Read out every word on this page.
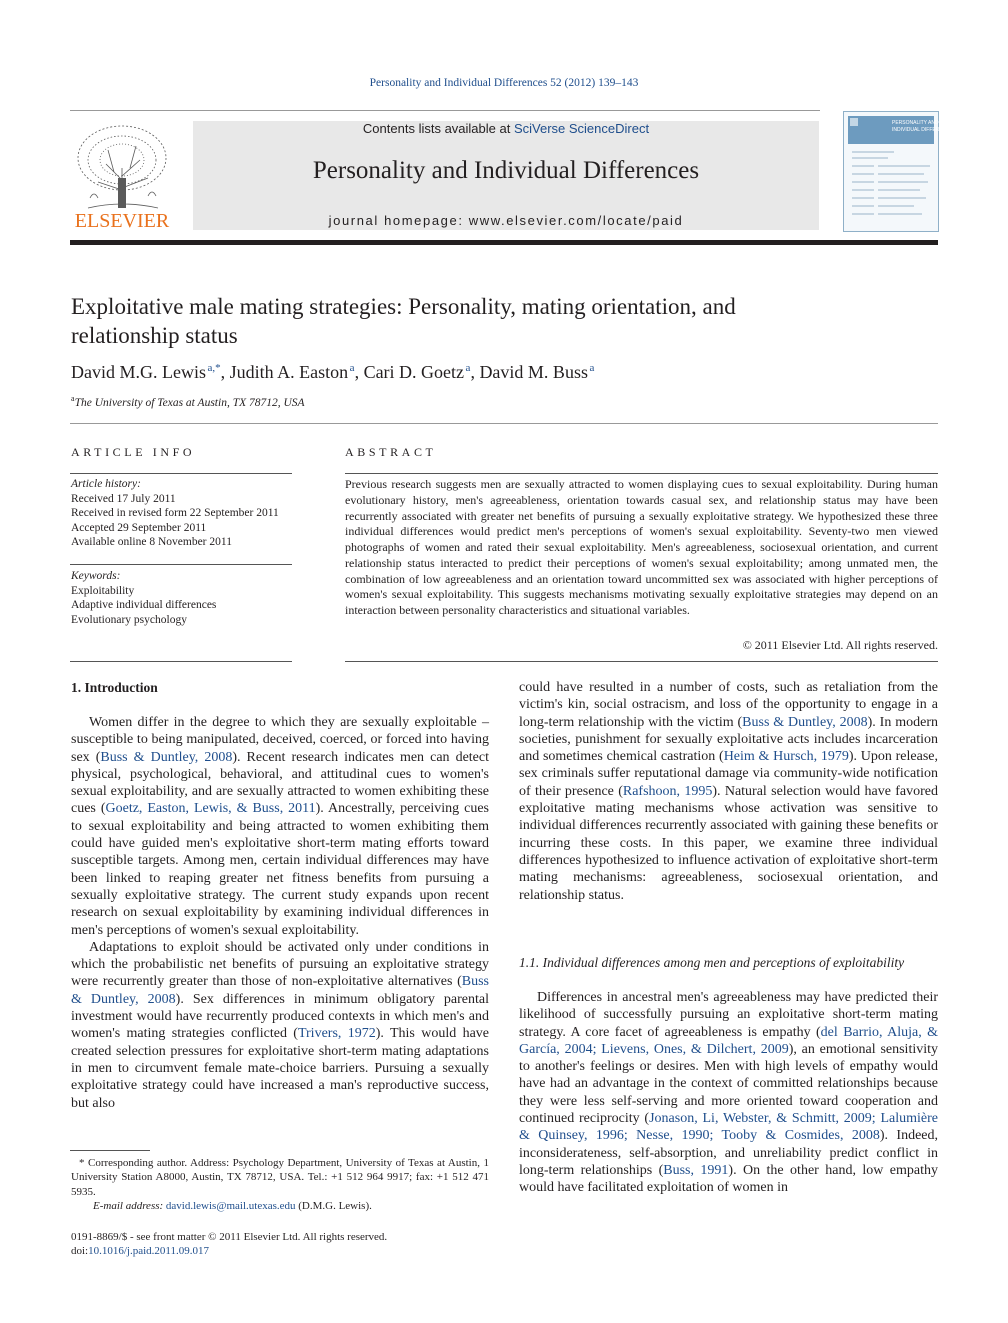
Personality and Individual Differences 52 (2012) 139–143
ELSEVIER
Contents lists available at SciVerse ScienceDirect
Personality and Individual Differences
journal homepage: www.elsevier.com/locate/paid
PERSONALITY AND
INDIVIDUAL DIFFERENCES
Exploitative male mating strategies: Personality, mating orientation, and relationship status
David M.G. Lewis  $^{a,*}$, Judith A. Easton  $^a$, Cari D. Goetz  $^a$, David M. Buss  $^a$
$^a$The University of Texas at Austin, TX 78712, USA
ARTICLE INFO	ABSTRACT
Article history:
Received 17 July 2011
Received in revised form 22 September 2011
Accepted 29 September 2011
Available online 8 November 2011
Keywords:
Exploitability
Adaptive individual differences
Evolutionary psychology
Previous research suggests men are sexually attracted to women displaying cues to sexual exploitability. During human evolutionary history, men's agreeableness, orientation towards casual sex, and relationship status may have been recurrently associated with greater net benefits of pursuing a sexually exploitative strategy. We hypothesized these three individual differences would predict men's perceptions of women's sexual exploitability. Seventy-two men viewed photographs of women and rated their sexual exploitability. Men's agreeableness, sociosexual orientation, and current relationship status interacted to predict their perceptions of women's sexual exploitability; among unmated men, the combination of low agreeableness and an orientation toward uncommitted sex was associated with higher perceptions of women's sexual exploitability. This suggests mechanisms motivating sexually exploitative strategies may depend on an interaction between personality characteristics and situational variables.
© 2011 Elsevier Ltd. All rights reserved.
1. Introduction

Women differ in the degree to which they are sexually exploitable – susceptible to being manipulated, deceived, coerced, or forced into having sex (Buss & Duntley, 2008). Recent research indicates men can detect physical, psychological, behavioral, and attitudinal cues to women's sexual exploitability, and are sexually attracted to women exhibiting these cues (Goetz, Easton, Lewis, & Buss, 2011). Ancestrally, perceiving cues to sexual exploitability and being attracted to women exhibiting them could have guided men's exploitative short-term mating efforts toward susceptible targets. Among men, certain individual differences may have been linked to reaping greater net fitness benefits from pursuing a sexually exploitative strategy. The current study expands upon recent research on sexual exploitability by examining individual differences in men's perceptions of women's sexual exploitability.

Adaptations to exploit should be activated only under conditions in which the probabilistic net benefits of pursuing an exploitative strategy were recurrently greater than those of non-exploitative alternatives (Buss & Duntley, 2008). Sex differences in minimum obligatory parental investment would have recurrently produced contexts in which men's and women's mating strategies conflicted (Trivers, 1972). This would have created selection pressures for exploitative short-term mating adaptations in men to circumvent female mate-choice barriers. Pursuing a sexually exploitative strategy could have increased a man's reproductive success, but also

could have resulted in a number of costs, such as retaliation from the victim's kin, social ostracism, and loss of the opportunity to engage in a long-term relationship with the victim (Buss & Duntley, 2008). In modern societies, punishment for sexually exploitative acts includes incarceration and sometimes chemical castration (Heim & Hursch, 1979). Upon release, sex criminals suffer reputational damage via community-wide notification of their presence (Rafshoon, 1995). Natural selection would have favored exploitative mating mechanisms whose activation was sensitive to individual differences recurrently associated with gaining these benefits or incurring these costs. In this paper, we examine three individual differences hypothesized to influence activation of exploitative short-term mating mechanisms: agreeableness, sociosexual orientation, and relationship status.

1.1. Individual differences among men and perceptions of exploitability

Differences in ancestral men's agreeableness may have predicted their likelihood of successfully pursuing an exploitative short-term mating strategy. A core facet of agreeableness is empathy (del Barrio, Aluja, & García, 2004; Lievens, Ones, & Dilchert, 2009), an emotional sensitivity to another's feelings or desires. Men with high levels of empathy would have had an advantage in the context of committed relationships because they were less self-serving and more oriented toward cooperation and continued reciprocity (Jonason, Li, Webster, & Schmitt, 2009; Lalumière & Quinsey, 1996; Nesse, 1990; Tooby & Cosmides, 2008). Indeed, inconsiderateness, self-absorption, and unreliability predict conflict in long-term relationships (Buss, 1991). On the other hand, low empathy would have facilitated exploitation of women in

* Corresponding author. Address: Psychology Department, University of Texas at Austin, 1 University Station A8000, Austin, TX 78712, USA. Tel.: +1 512 964 9917; fax: +1 512 471 5935.

E-mail address: david.lewis@mail.utexas.edu (D.M.G. Lewis).

0191-8869/$ - see front matter © 2011 Elsevier Ltd. All rights reserved.
doi:10.1016/j.paid.2011.09.017
